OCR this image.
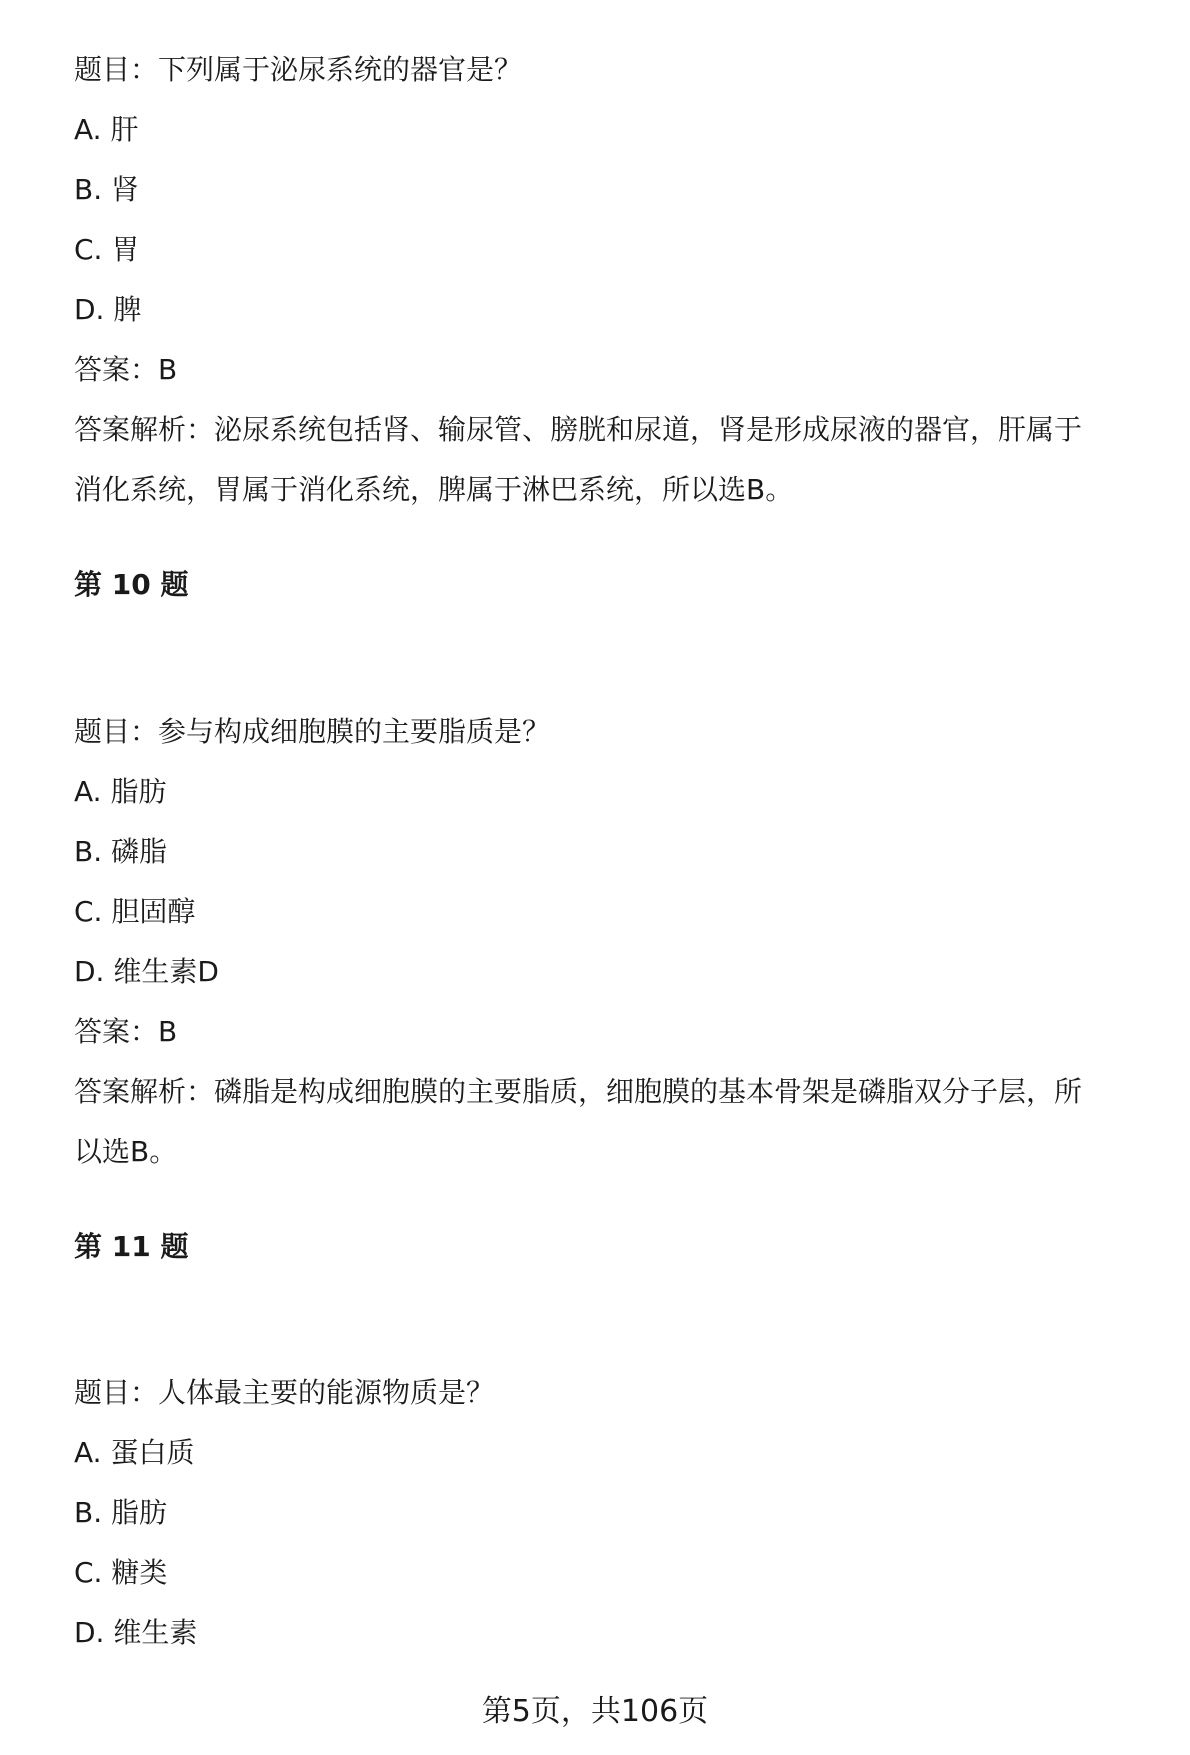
题目：下列属于泌尿系统的器官是？
A. 肝
B. 肾
C. 胃
D. 脾
答案：B
答案解析：泌尿系统包括肾、输尿管、膀胱和尿道，肾是形成尿液的器官，肝属于
消化系统，胃属于消化系统，脾属于淋巴系统，所以选B。
第 10 题
题目：参与构成细胞膜的主要脂质是？
A. 脂肪
B. 磷脂
C. 胆固醇
D. 维生素D
答案：B
答案解析：磷脂是构成细胞膜的主要脂质，细胞膜的基本骨架是磷脂双分子层，所
以选B。
第 11 题
题目：人体最主要的能源物质是？
A. 蛋白质
B. 脂肪
C. 糖类
D. 维生素
第5页，共106页
